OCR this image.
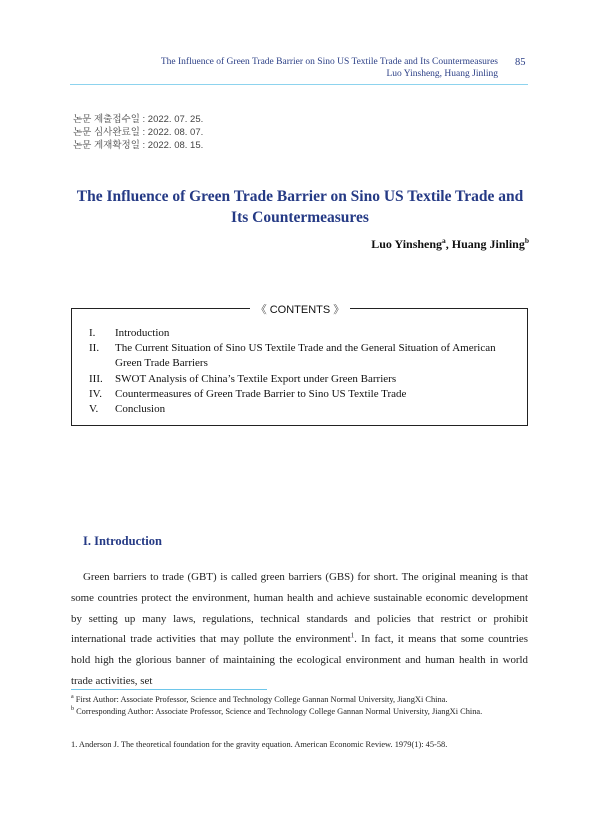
The Influence of Green Trade Barrier on Sino US Textile Trade and Its Countermeasures
Luo Yinsheng, Huang Jinling
85
논문 제출접수일 : 2022. 07. 25.
논문 심사완료일 : 2022. 08. 07.
논문 게재확정일 : 2022. 08. 15.
The Influence of Green Trade Barrier on Sino US Textile Trade and
Its Countermeasures
Luo Yinsheng$^a$, Huang Jinling$^b$
《 CONTENTS 》
I.	Introduction
II.	The Current Situation of Sino US Textile Trade and the General Situation of American Green Trade Barriers
III.	SWOT Analysis of China’s Textile Export under Green Barriers
IV.	Countermeasures of Green Trade Barrier to Sino US Textile Trade
V.	Conclusion
I. Introduction
Green barriers to trade (GBT) is called green barriers (GBS) for short. The original meaning is that some countries protect the environment, human health and achieve sustainable economic development by setting up many laws, regulations, technical standards and policies that restrict or prohibit international trade activities that may pollute the environment$^1$. In fact, it means that some countries hold high the glorious banner of maintaining the ecological environment and human health in world trade activities, set
$^a$ First Author: Associate Professor, Science and Technology College Gannan Normal University, JiangXi China.
$^b$ Corresponding Author: Associate Professor, Science and Technology College Gannan Normal University, JiangXi China.
1. Anderson J. The theoretical foundation for the gravity equation. American Economic Review. 1979(1): 45-58.
